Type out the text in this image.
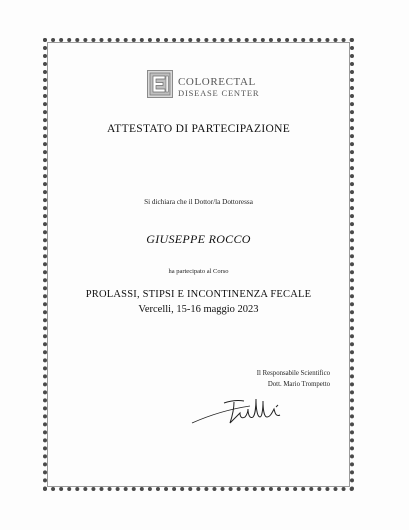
COLORECTAL
DISEASE CENTER
ATTESTATO DI PARTECIPAZIONE
Si dichiara che il Dottor/la Dottoressa
GIUSEPPE ROCCO
ha partecipato al Corso
PROLASSI, STIPSI E INCONTINENZA FECALE
Vercelli, 15-16 maggio 2023
Il Responsabile Scientifico
Dott. Mario Trompetto
